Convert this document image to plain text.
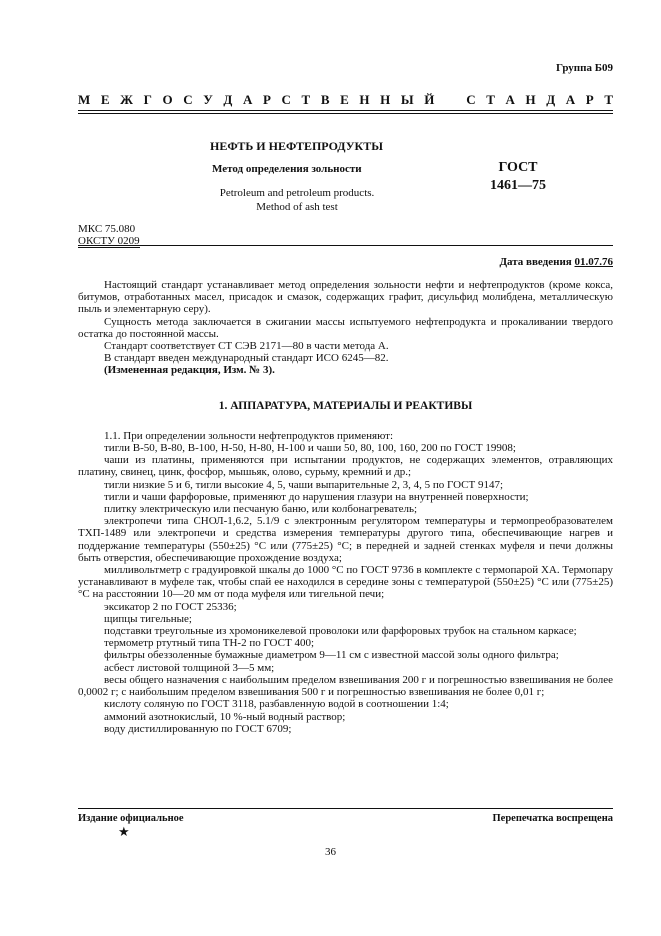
Группа Б09
М Е Ж Г О С У Д А Р С Т В Е Н Н Ы Й С Т А Н Д А Р Т
НЕФТЬ И НЕФТЕПРОДУКТЫ
Метод определения зольности
Petroleum and petroleum products.
Method of ash test
ГОСТ
1461—75
МКС 75.080
ОКСТУ 0209
Дата введения 01.07.76

Настоящий стандарт устанавливает метод определения зольности нефти и нефтепродуктов (кроме кокса, битумов, отработанных масел, присадок и смазок, содержащих графит, дисульфид молибдена, металлическую пыль и элементарную серу).

Сущность метода заключается в сжигании массы испытуемого нефтепродукта и прокаливании твердого остатка до постоянной массы.

Стандарт соответствует СТ СЭВ 2171—80 в части метода А.

В стандарт введен международный стандарт ИСО 6245—82.

(Измененная редакция, Изм. № 3).

1. АППАРАТУРА, МАТЕРИАЛЫ И РЕАКТИВЫ

1.1. При определении зольности нефтепродуктов применяют:

тигли В-50, В-80, В-100, Н-50, Н-80, Н-100 и чаши 50, 80, 100, 160, 200 по ГОСТ 19908;

чаши из платины, применяются при испытании продуктов, не содержащих элементов, отравляющих платину, свинец, цинк, фосфор, мышьяк, олово, сурьму, кремний и др.;

тигли низкие 5 и 6, тигли высокие 4, 5, чаши выпарительные 2, 3, 4, 5 по ГОСТ 9147;

тигли и чаши фарфоровые, применяют до нарушения глазури на внутренней поверхности;

плитку электрическую или песчаную баню, или колбонагреватель;

электропечи типа СНОЛ-1,6.2, 5.1/9 с электронным регулятором температуры и термопреобразователем ТХП-1489 или электропечи и средства измерения температуры другого типа, обеспечивающие нагрев и поддержание температуры (550±25) °С или (775±25) °С; в передней и задней стенках муфеля и печи должны быть отверстия, обеспечивающие прохождение воздуха;

милливольтметр с градуировкой шкалы до 1000 °С по ГОСТ 9736 в комплекте с термопарой ХА. Термопару устанавливают в муфеле так, чтобы спай ее находился в середине зоны с температурой (550±25) °С или (775±25) °С на расстоянии 10—20 мм от пода муфеля или тигельной печи;

эксикатор 2 по ГОСТ 25336;

щипцы тигельные;

подставки треугольные из хромоникелевой проволоки или фарфоровых трубок на стальном каркасе;

термометр ртутный типа ТН-2 по ГОСТ 400;

фильтры обеззоленные бумажные диаметром 9—11 см с известной массой золы одного фильтра;

асбест листовой толщиной 3—5 мм;

весы общего назначения с наибольшим пределом взвешивания 200 г и погрешностью взвешивания не более 0,0002 г; с наибольшим пределом взвешивания 500 г и погрешностью взвешивания не более 0,01 г;

кислоту соляную по ГОСТ 3118, разбавленную водой в соотношении 1:4;

аммоний азотнокислый, 10 %-ный водный раствор;

воду дистиллированную по ГОСТ 6709;

Издание официальное
★
Перепечатка воспрещена
36
